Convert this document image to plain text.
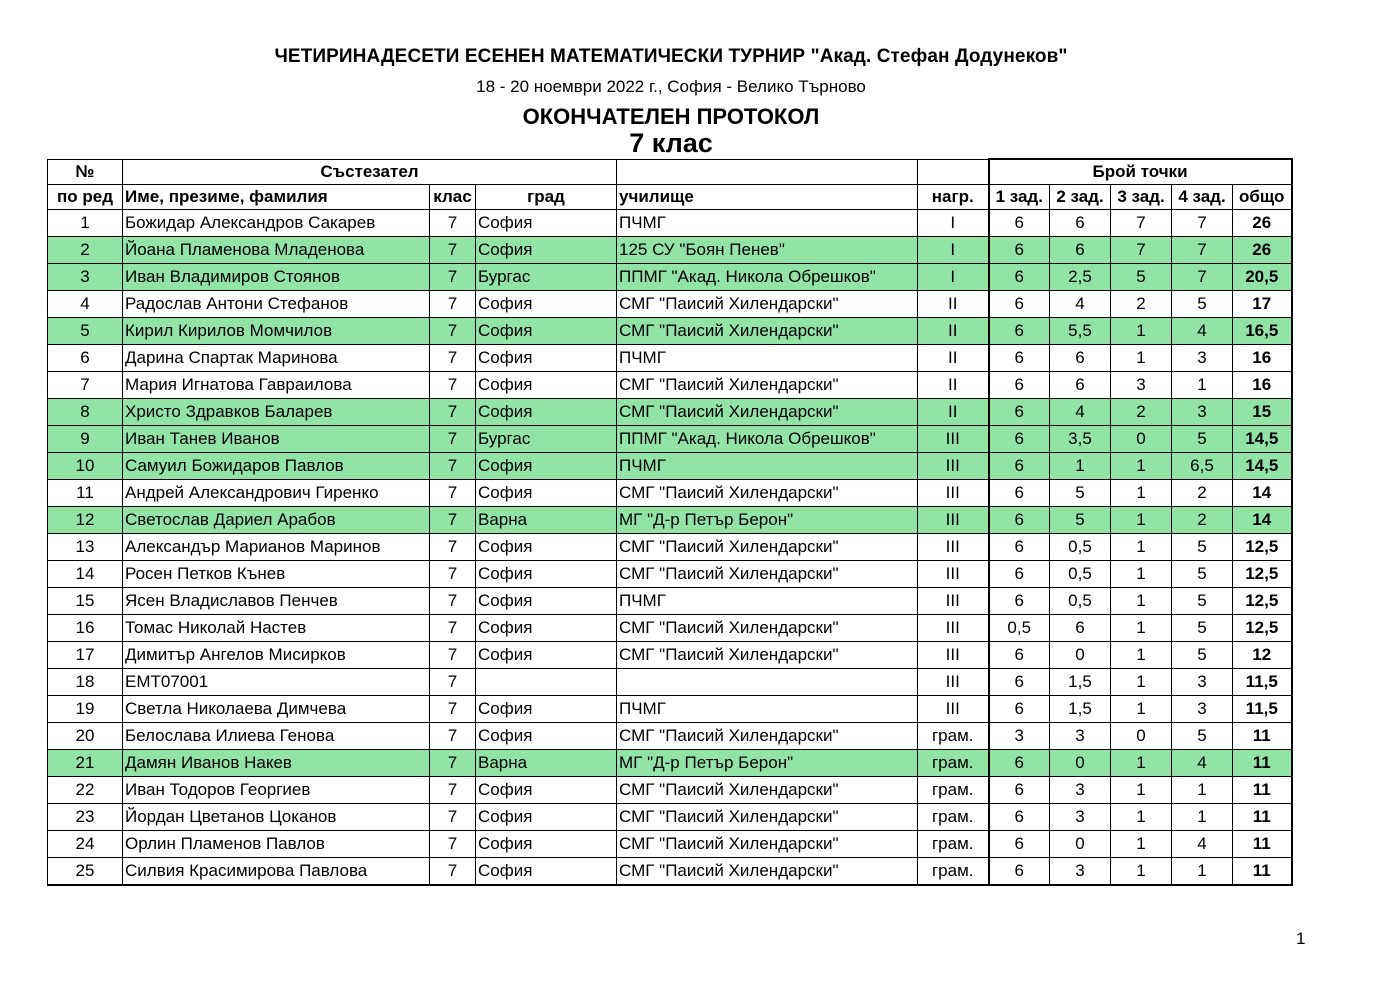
ЧЕТИРИНАДЕСЕТИ ЕСЕНЕН МАТЕМАТИЧЕСКИ ТУРНИР "Акад. Стефан Додунеков"
18 - 20 ноември 2022 г., София - Велико Търново
ОКОНЧАТЕЛЕН ПРОТОКОЛ
7 клас
№	Състезател					Брой точки				
по ред	Име, презиме, фамилия	клас	град	училище	нагр.	1 зад.	2 зад.	3 зад.	4 зад.	общо
1	Божидар Александров Сакарев	7	София	ПЧМГ	I	6	6	7	7	26
2	Йоана Пламенова Младенова	7	София	125 СУ "Боян Пенев"	I	6	6	7	7	26
3	Иван Владимиров Стоянов	7	Бургас	ППМГ "Акад. Никола Обрешков"	I	6	2,5	5	7	20,5
4	Радослав Антони Стефанов	7	София	СМГ "Паисий Хилендарски"	II	6	4	2	5	17
5	Кирил Кирилов Момчилов	7	София	СМГ "Паисий Хилендарски"	II	6	5,5	1	4	16,5
6	Дарина Спартак Маринова	7	София	ПЧМГ	II	6	6	1	3	16
7	Мария Игнатова Гавраилова	7	София	СМГ "Паисий Хилендарски"	II	6	6	3	1	16
8	Христо Здравков Баларев	7	София	СМГ "Паисий Хилендарски"	II	6	4	2	3	15
9	Иван Танев Иванов	7	Бургас	ППМГ "Акад. Никола Обрешков"	III	6	3,5	0	5	14,5
10	Самуил Божидаров Павлов	7	София	ПЧМГ	III	6	1	1	6,5	14,5
11	Андрей Александрович Гиренко	7	София	СМГ "Паисий Хилендарски"	III	6	5	1	2	14
12	Светослав Дариел Арабов	7	Варна	МГ "Д-р Петър Берон"	III	6	5	1	2	14
13	Александър Марианов Маринов	7	София	СМГ "Паисий Хилендарски"	III	6	0,5	1	5	12,5
14	Росен Петков Кънев	7	София	СМГ "Паисий Хилендарски"	III	6	0,5	1	5	12,5
15	Ясен Владиславов Пенчев	7	София	ПЧМГ	III	6	0,5	1	5	12,5
16	Томас Николай Настев	7	София	СМГ "Паисий Хилендарски"	III	0,5	6	1	5	12,5
17	Димитър Ангелов Мисирков	7	София	СМГ "Паисий Хилендарски"	III	6	0	1	5	12
18	EMT07001	7			III	6	1,5	1	3	11,5
19	Светла Николаева Димчева	7	София	ПЧМГ	III	6	1,5	1	3	11,5
20	Белослава Илиева Генова	7	София	СМГ "Паисий Хилендарски"	грам.	3	3	0	5	11
21	Дамян Иванов Накев	7	Варна	МГ "Д-р Петър Берон"	грам.	6	0	1	4	11
22	Иван Тодоров Георгиев	7	София	СМГ "Паисий Хилендарски"	грам.	6	3	1	1	11
23	Йордан Цветанов Цоканов	7	София	СМГ "Паисий Хилендарски"	грам.	6	3	1	1	11
24	Орлин Пламенов Павлов	7	София	СМГ "Паисий Хилендарски"	грам.	6	0	1	4	11
25	Силвия Красимирова Павлова	7	София	СМГ "Паисий Хилендарски"	грам.	6	3	1	1	11
1
